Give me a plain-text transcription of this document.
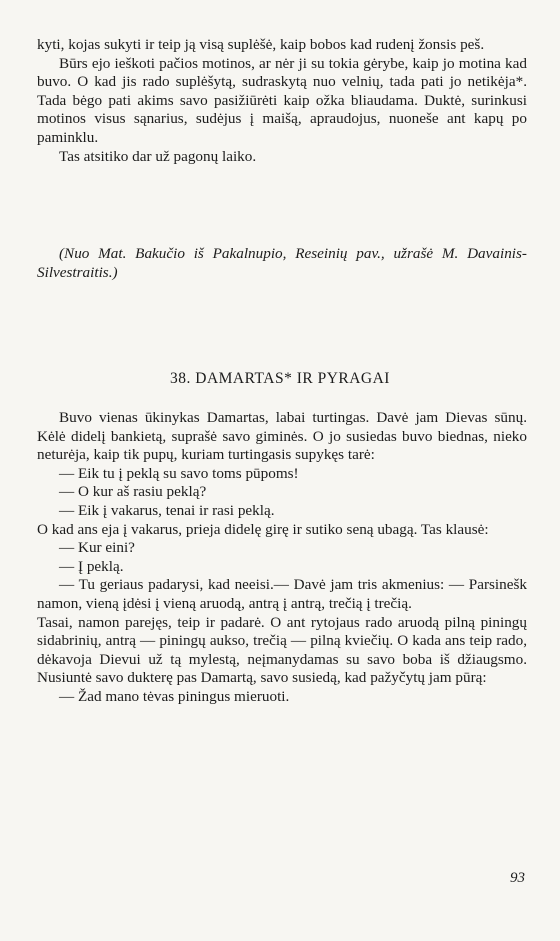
kyti, kojas sukyti ir teip ją visą suplėšė, kaip bobos kad rudenį žonsis peš.

Būrs ejo ieškoti pačios motinos, ar nėr ji su tokia gėrybe, kaip jo motina kad buvo. O kad jis rado suplėšytą, sudraskytą nuo velnių, tada pati jo netikėja*. Tada bėgo pati akims savo pasižiūrėti kaip ožka bliaudama. Duktė, surinkusi motinos visus sąnarius, sudėjus į maišą, apraudojus, nuoneše ant kapų po paminklu.

Tas atsitiko dar už pagonų laiko.

(Nuo Mat. Bakučio iš Pakalnupio, Reseinių pav., užrašė M. Davainis-Silvestraitis.)

38. DAMARTAS* IR PYRAGAI

Buvo vienas ūkinykas Damartas, labai turtingas. Davė jam Dievas sūnų. Kėlė didelį bankietą, suprašė savo giminės. O jo susiedas buvo biednas, nieko neturėja, kaip tik pupų, kuriam turtingasis supykęs tarė:

— Eik tu į peklą su savo toms pūpoms!

— O kur aš rasiu peklą?

— Eik į vakarus, tenai ir rasi peklą.

O kad ans eja į vakarus, prieja didelę girę ir sutiko seną ubagą. Tas klausė:

— Kur eini?

— Į peklą.

— Tu geriaus padarysi, kad neeisi.— Davė jam tris akmenius: — Parsinešk namon, vieną įdėsi į vieną aruodą, antrą į antrą, trečią į trečią.

Tasai, namon parejęs, teip ir padarė. O ant rytojaus rado aruodą pilną piningų sidabrinių, antrą — piningų aukso, trečią — pilną kviečių. O kada ans teip rado, dėkavoja Dievui už tą mylestą, neįmanydamas su savo boba iš džiaugsmo. Nusiuntė savo dukterę pas Damartą, savo susiedą, kad pažyčytų jam pūrą:

— Žad mano tėvas piningus mieruoti.

93
